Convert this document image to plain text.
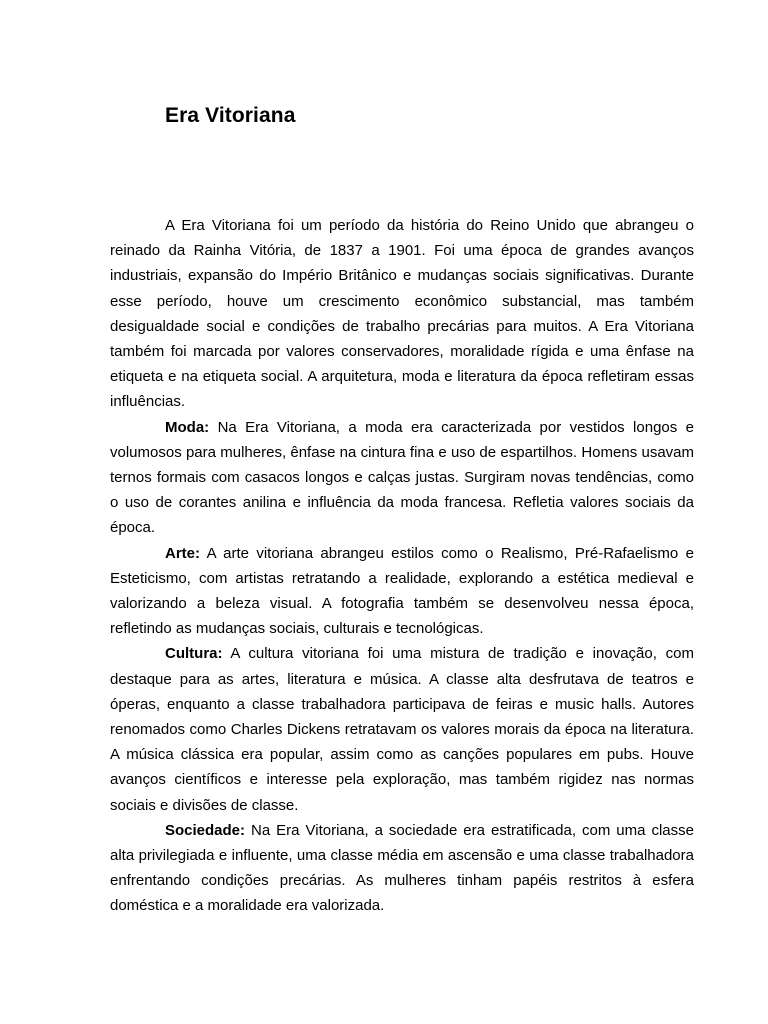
Era Vitoriana

A Era Vitoriana foi um período da história do Reino Unido que abrangeu o reinado da Rainha Vitória, de 1837 a 1901. Foi uma época de grandes avanços industriais, expansão do Império Britânico e mudanças sociais significativas. Durante esse período, houve um crescimento econômico substancial, mas também desigualdade social e condições de trabalho precárias para muitos. A Era Vitoriana também foi marcada por valores conservadores, moralidade rígida e uma ênfase na etiqueta e na etiqueta social. A arquitetura, moda e literatura da época refletiram essas influências.

Moda: Na Era Vitoriana, a moda era caracterizada por vestidos longos e volumosos para mulheres, ênfase na cintura fina e uso de espartilhos. Homens usavam ternos formais com casacos longos e calças justas. Surgiram novas tendências, como o uso de corantes anilina e influência da moda francesa. Refletia valores sociais da época.

Arte: A arte vitoriana abrangeu estilos como o Realismo, Pré-Rafaelismo e Esteticismo, com artistas retratando a realidade, explorando a estética medieval e valorizando a beleza visual. A fotografia também se desenvolveu nessa época, refletindo as mudanças sociais, culturais e tecnológicas.

Cultura: A cultura vitoriana foi uma mistura de tradição e inovação, com destaque para as artes, literatura e música. A classe alta desfrutava de teatros e óperas, enquanto a classe trabalhadora participava de feiras e music halls. Autores renomados como Charles Dickens retratavam os valores morais da época na literatura. A música clássica era popular, assim como as canções populares em pubs. Houve avanços científicos e interesse pela exploração, mas também rigidez nas normas sociais e divisões de classe.

Sociedade: Na Era Vitoriana, a sociedade era estratificada, com uma classe alta privilegiada e influente, uma classe média em ascensão e uma classe trabalhadora enfrentando condições precárias. As mulheres tinham papéis restritos à esfera doméstica e a moralidade era valorizada.
